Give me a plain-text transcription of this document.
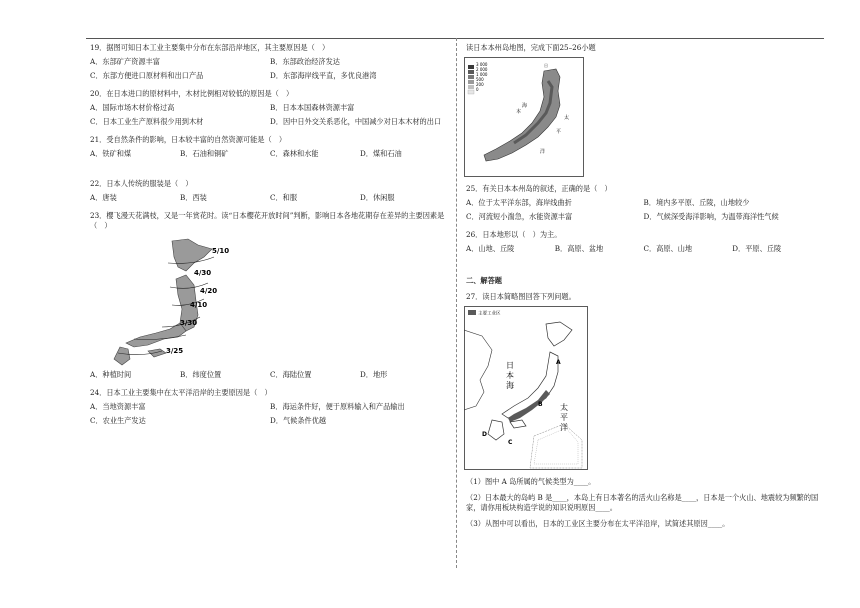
19．据图可知日本工业主要集中分布在东部沿岸地区，其主要原因是（　）
A．东部矿产资源丰富	B．东部政治经济发达
C．东部方便进口原材料和出口产品	D．东部海岸线平直，多优良港湾
20．在日本进口的原材料中，木材比例相对较低的原因是（　）
A．国际市场木材价格过高	B．日本本国森林资源丰富
C．日本工业生产原料很少用到木材	D．因中日外交关系恶化，中国减少对日本木材的出口
21．受自然条件的影响，日本较丰富的自然资源可能是（　）
A．铁矿和煤	B．石油和铜矿	C．森林和水能	D．煤和石油
22．日本人传统的服装是（　）
A．唐装	B．西装	C．和服	D．休闲服
23．樱飞漫天花满枝，又是一年赏花时。读“日本樱花开放时间”判断，影响日本各地花期存在差异的主要因素是（　）
5/10
4/30
4/20
4/10
3/30
3/25
A．种植时间	B．纬度位置	C．海陆位置	D．地形
24．日本工业主要集中在太平洋沿岸的主要原因是（　）
A．当地资源丰富	B．海运条件好，便于原料输入和产品输出
C．农业生产发达	D．气候条件优越
读日本本州岛地图，完成下面25–26小题
3 000
2 000
1 000
500
200
0
日
本
海
太
平
洋
25．有关日本本州岛的叙述，正确的是（　）
A．位于太平洋东部，海岸线曲折	B．境内多平原、丘陵，山地较少
C．河流短小湍急，水能资源丰富	D．气候深受海洋影响，为温带海洋性气候
26．日本地形以（　）为主。
A．山地、丘陵	B．高原、盆地	C．高原、山地	D．平原、丘陵
二、解答题
27．读日本简略图回答下列问题。
主要工业区
日
本
海
太
平
洋
A
B
C
D
（1）图中 A 岛所属的气候类型为____。
（2）日本最大的岛屿 B 是____，本岛上有日本著名的活火山名称是____，日本是一个火山、地震较为频繁的国家，请你用板块构造学说的知识说明原因____。
（3）从图中可以看出，日本的工业区主要分布在太平洋沿岸，试简述其原因____。
